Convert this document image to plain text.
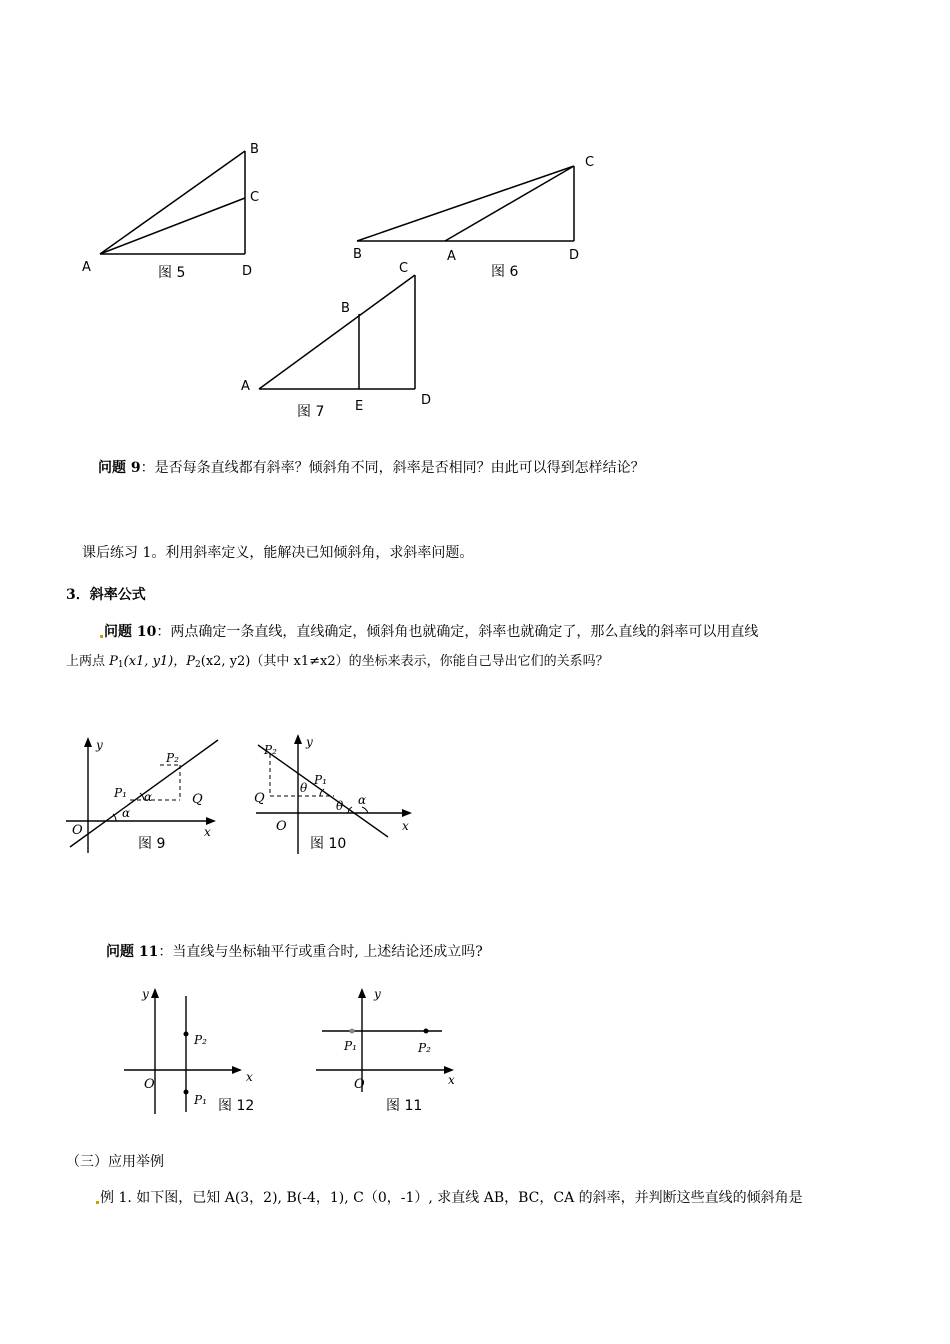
A
B
C
D
图 5
B	A
C
D
图 6
A
B
C
D
E
图 7
问题 9：是否每条直线都有斜率？倾斜角不同，斜率是否相同？由此可以得到怎样结论？
课后练习 1。利用斜率定义，能解决已知倾斜角，求斜率问题。
3．斜率公式
问题 10：两点确定一条直线，直线确定，倾斜角也就确定，斜率也就确定了，那么直线的斜率可以用直线
上两点 $P_1(x1$, y1)，$P_2(x2$, y2)（其中 x1≠x2）的坐标来表示，你能自己导出它们的关系吗？
y
x
O
P₁
P₂
Q
α
α
图 9
y
x
O
P₁
P₂
Q
θ
θ α
图 10
问题 11：当直线与坐标轴平行或重合时, 上述结论还成立吗?
y
x
O
P₂
P₁ 图 12
y
x
O
P₁	P₂
图 11
（三）应用举例
例 1. 如下图，已知 A(3，2), B(-4，1), C（0，-1）, 求直线 AB，BC，CA 的斜率，并判断这些直线的倾斜角是
